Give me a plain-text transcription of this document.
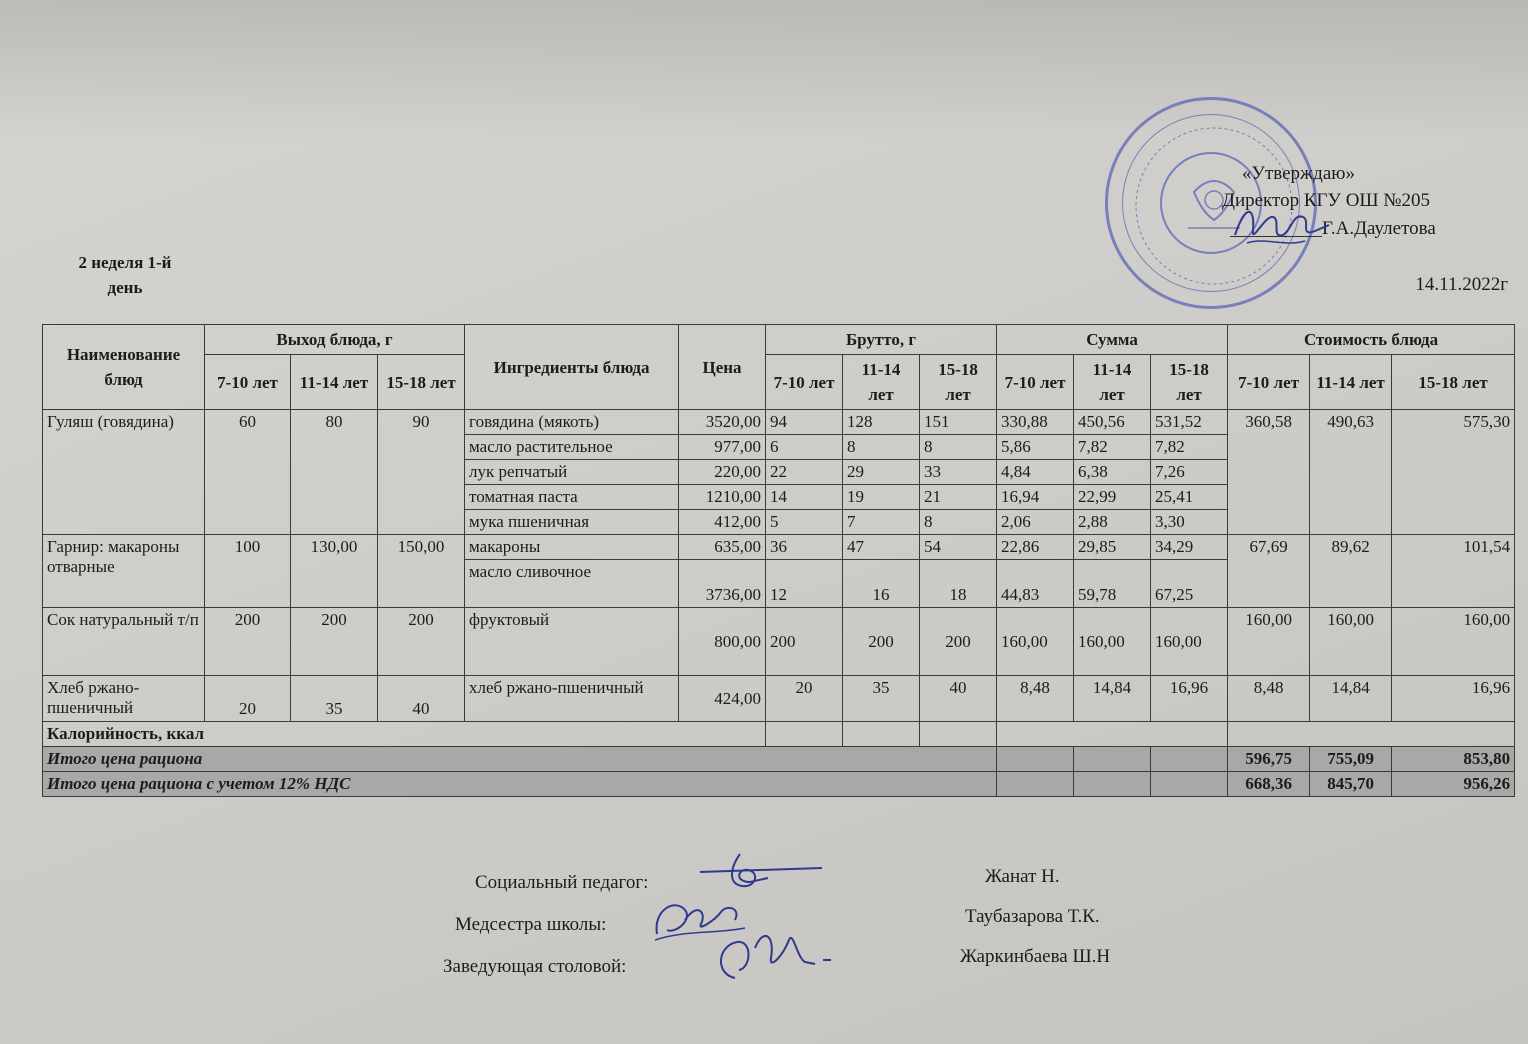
«Утверждаю»
Директор КГУ ОШ №205
Г.А.Даулетова
2 неделя 1-й
день	14.11.2022г
Наименование блюд	Выход блюда, г			Ингредиенты блюда	Цена	Брутто, г			Сумма			Стоимость блюда		
	7-10 лет	11-14 лет	15-18 лет			7-10 лет	11-14 лет	15-18 лет	7-10 лет	11-14 лет	15-18 лет	7-10 лет	11-14 лет	15-18 лет
Гуляш (говядина)	60	80	90	говядина (мякоть)	3520,00	94	128	151	330,88	450,56	531,52	360,58	490,63	575,30
				масло растительное	977,00	6	8	8	5,86	7,82	7,82			
				лук репчатый	220,00	22	29	33	4,84	6,38	7,26			
				томатная паста	1210,00	14	19	21	16,94	22,99	25,41			
				мука пшеничная	412,00	5	7	8	2,06	2,88	3,30			
Гарнир: макароны отварные	100	130,00	150,00	макароны	635,00	36	47	54	22,86	29,85	34,29	67,69	89,62	101,54
				масло сливочное	3736,00	12	16	18	44,83	59,78	67,25			
Сок натуральный т/п	200	200	200	фруктовый	800,00	200	200	200	160,00	160,00	160,00	160,00	160,00	160,00
Хлеб ржано-пшеничный	20	35	40	хлеб ржано-пшеничный	424,00	20	35	40	8,48	14,84	16,96	8,48	14,84	16,96
Калорийность, ккал														
Итого цена рациона												596,75	755,09	853,80
Итого цена рациона с учетом 12% НДС												668,36	845,70	956,26
Социальный педагог:	Жанат Н.
Медсестра школы:	Таубазарова Т.К.
Заведующая столовой:	Жаркинбаева Ш.Н
